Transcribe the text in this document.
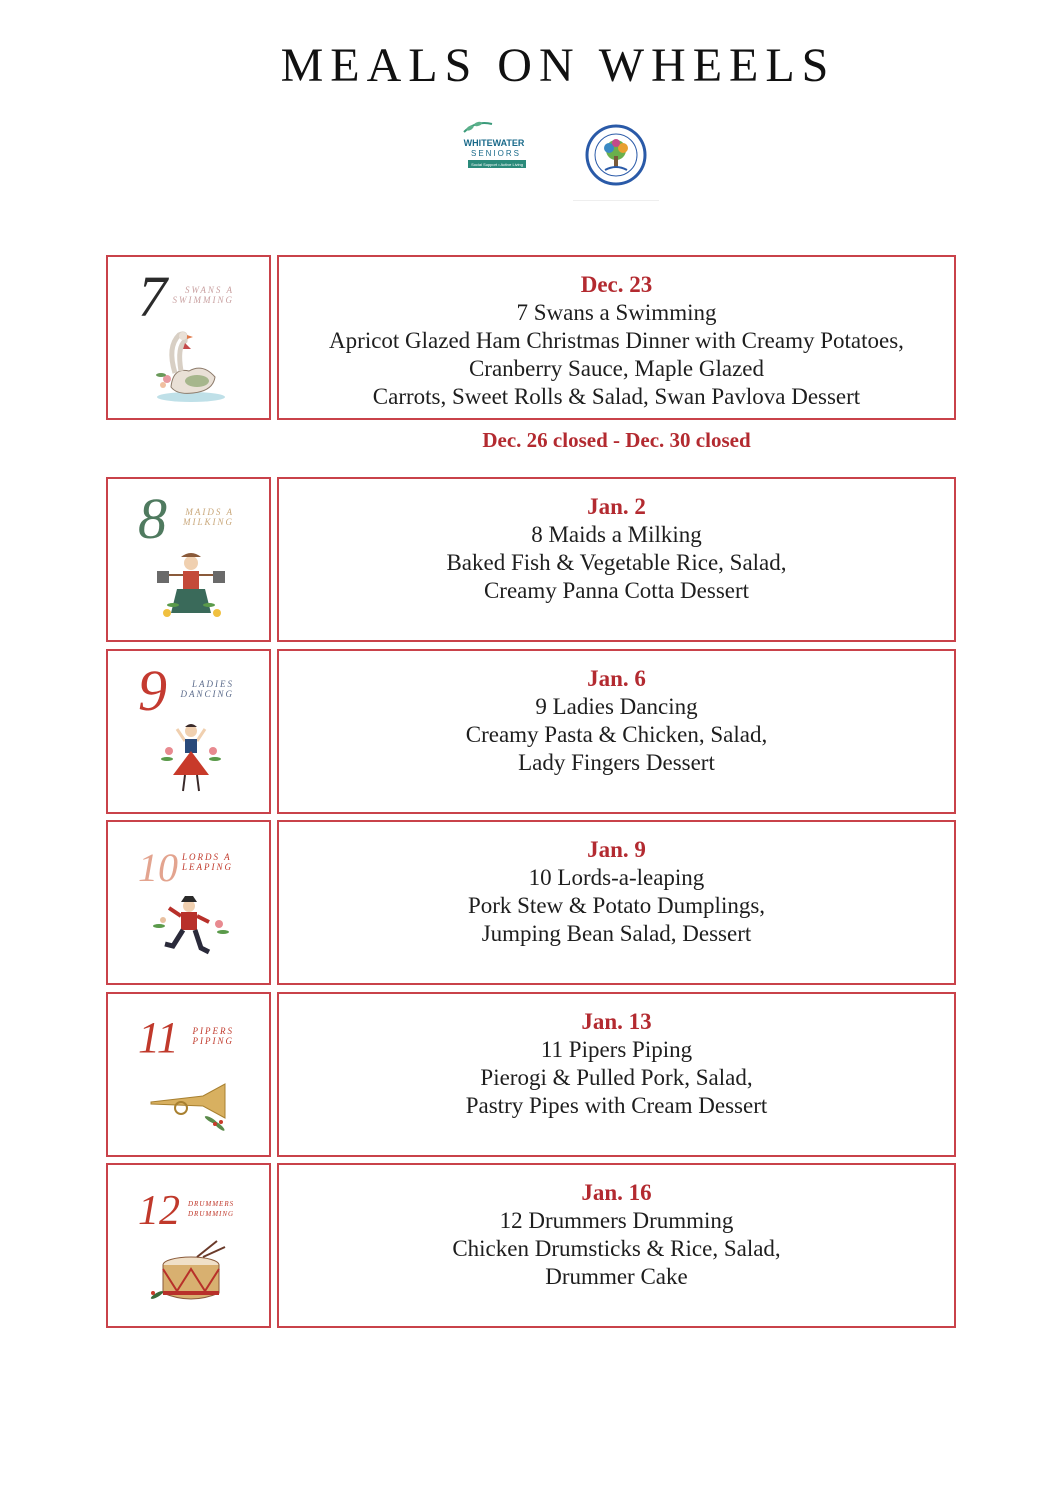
MEALS ON WHEELS
WHITEWATER
SENIORS
Social Support • Active Living
7	SWANS A
SWIMMING
Dec. 23
7 Swans a Swimming
Apricot Glazed Ham Christmas Dinner with Creamy Potatoes,
Cranberry Sauce, Maple Glazed
Carrots, Sweet Rolls & Salad, Swan Pavlova Dessert
Dec. 26 closed - Dec. 30 closed
8	MAIDS A
MILKING
Jan. 2
8 Maids a Milking
Baked Fish & Vegetable Rice, Salad,
Creamy Panna Cotta Dessert
9	LADIES
DANCING
Jan. 6
9 Ladies Dancing
Creamy Pasta & Chicken, Salad,
Lady Fingers Dessert
10 LORDS A
LEAPING
Jan. 9
10 Lords-a-leaping
Pork Stew & Potato Dumplings,
Jumping Bean Salad, Dessert
11 PIPERS
PIPING
Jan. 13
11 Pipers Piping
Pierogi & Pulled Pork, Salad,
Pastry Pipes with Cream Dessert
12 DRUMMERS
DRUMMING
Jan. 16
12 Drummers Drumming
Chicken Drumsticks & Rice, Salad,
Drummer Cake
